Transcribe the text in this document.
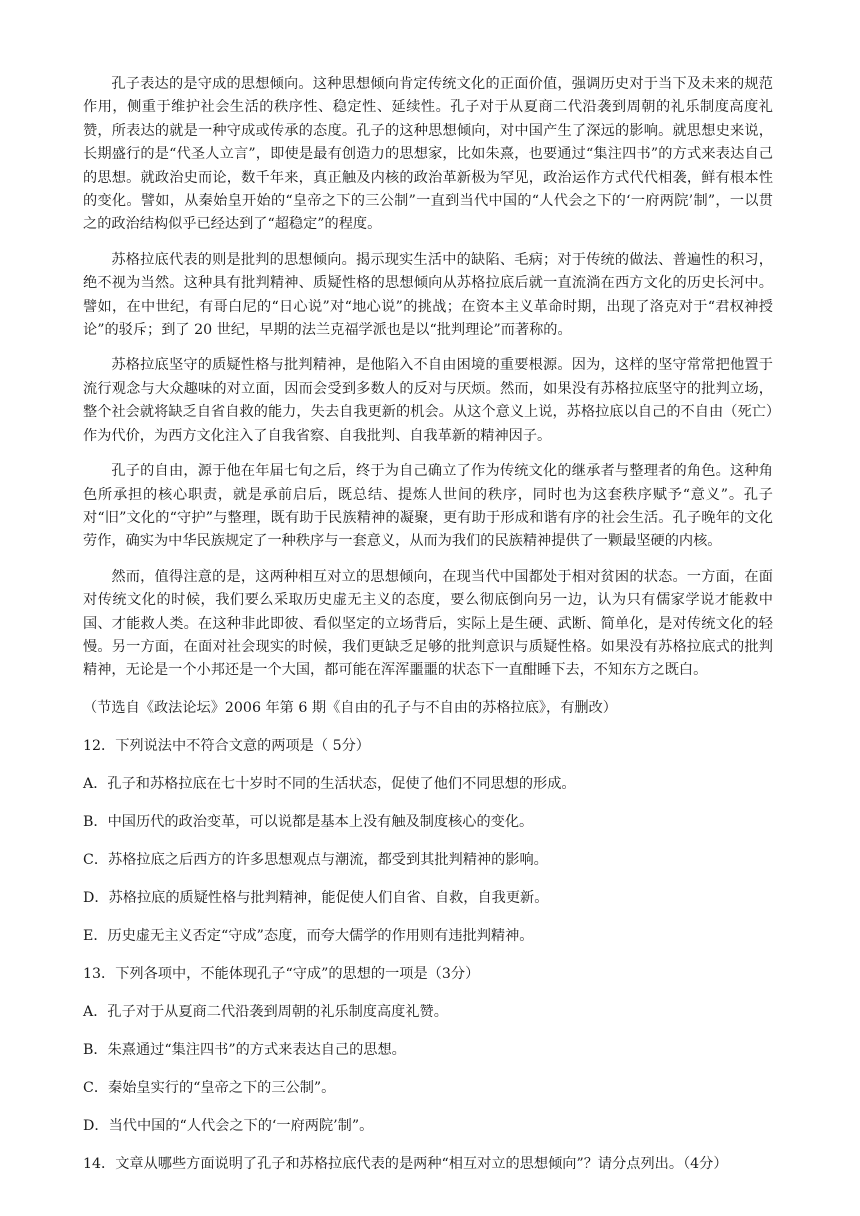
孔子表达的是守成的思想倾向。这种思想倾向肯定传统文化的正面价值，强调历史对于当下及未来的规范作用，侧重于维护社会生活的秩序性、稳定性、延续性。孔子对于从夏商二代沿袭到周朝的礼乐制度高度礼赞，所表达的就是一种守成或传承的态度。孔子的这种思想倾向，对中国产生了深远的影响。就思想史来说，长期盛行的是“代圣人立言”，即使是最有创造力的思想家，比如朱熹，也要通过“集注四书”的方式来表达自己的思想。就政治史而论，数千年来，真正触及内核的政治革新极为罕见，政治运作方式代代相袭，鲜有根本性的变化。譬如，从秦始皇开始的“皇帝之下的三公制”一直到当代中国的“人代会之下的‘一府两院’制”，一以贯之的政治结构似乎已经达到了“超稳定”的程度。

苏格拉底代表的则是批判的思想倾向。揭示现实生活中的缺陷、毛病；对于传统的做法、普遍性的积习，绝不视为当然。这种具有批判精神、质疑性格的思想倾向从苏格拉底后就一直流淌在西方文化的历史长河中。譬如，在中世纪，有哥白尼的“日心说”对“地心说”的挑战；在资本主义革命时期，出现了洛克对于“君权神授论”的驳斥；到了 20 世纪，早期的法兰克福学派也是以“批判理论”而著称的。

苏格拉底坚守的质疑性格与批判精神，是他陷入不自由困境的重要根源。因为，这样的坚守常常把他置于流行观念与大众趣味的对立面，因而会受到多数人的反对与厌烦。然而，如果没有苏格拉底坚守的批判立场，整个社会就将缺乏自省自救的能力，失去自我更新的机会。从这个意义上说，苏格拉底以自己的不自由（死亡）作为代价，为西方文化注入了自我省察、自我批判、自我革新的精神因子。

孔子的自由，源于他在年届七旬之后，终于为自己确立了作为传统文化的继承者与整理者的角色。这种角色所承担的核心职责，就是承前启后，既总结、提炼人世间的秩序，同时也为这套秩序赋予“意义”。孔子对“旧”文化的“守护”与整理，既有助于民族精神的凝聚，更有助于形成和谐有序的社会生活。孔子晚年的文化劳作，确实为中华民族规定了一种秩序与一套意义，从而为我们的民族精神提供了一颗最坚硬的内核。

然而，值得注意的是，这两种相互对立的思想倾向，在现当代中国都处于相对贫困的状态。一方面，在面对传统文化的时候，我们要么采取历史虚无主义的态度，要么彻底倒向另一边，认为只有儒家学说才能救中国、才能救人类。在这种非此即彼、看似坚定的立场背后，实际上是生硬、武断、简单化，是对传统文化的轻慢。另一方面，在面对社会现实的时候，我们更缺乏足够的批判意识与质疑性格。如果没有苏格拉底式的批判精神，无论是一个小邦还是一个大国，都可能在浑浑噩噩的状态下一直酣睡下去，不知东方之既白。

（节选自《政法论坛》2006 年第 6 期《自由的孔子与不自由的苏格拉底》，有删改）

12．下列说法中不符合文意的两项是（ 5分）

A．孔子和苏格拉底在七十岁时不同的生活状态，促使了他们不同思想的形成。

B．中国历代的政治变革，可以说都是基本上没有触及制度核心的变化。

C．苏格拉底之后西方的许多思想观点与潮流，都受到其批判精神的影响。

D．苏格拉底的质疑性格与批判精神，能促使人们自省、自救，自我更新。

E．历史虚无主义否定“守成”态度，而夸大儒学的作用则有违批判精神。

13．下列各项中，不能体现孔子“守成”的思想的一项是（3分）

A．孔子对于从夏商二代沿袭到周朝的礼乐制度高度礼赞。

B．朱熹通过“集注四书”的方式来表达自己的思想。

C．秦始皇实行的“皇帝之下的三公制”。

D．当代中国的“人代会之下的‘一府两院’制”。

14．文章从哪些方面说明了孔子和苏格拉底代表的是两种“相互对立的思想倾向”？请分点列出。（4分）
